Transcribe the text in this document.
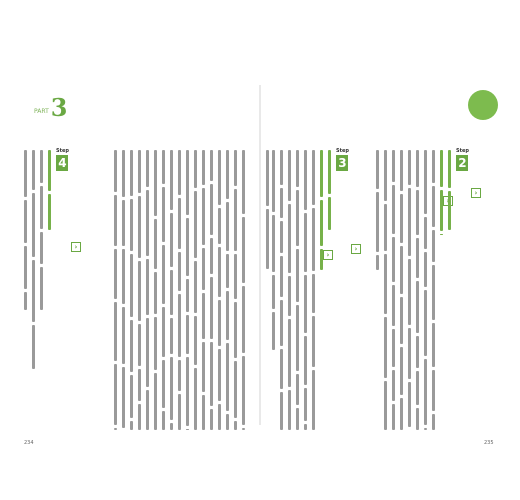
PART 3
Step
2
Step
3
Step
4
›
›
›
›
234	235
